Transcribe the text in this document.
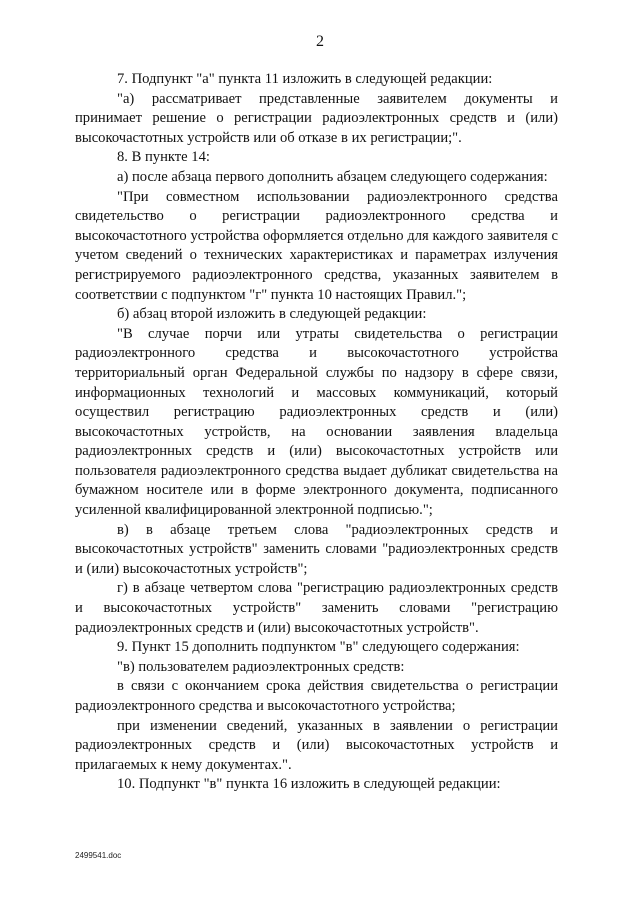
2

7. Подпункт "а" пункта 11 изложить в следующей редакции:

"а) рассматривает представленные заявителем документы и принимает решение о регистрации радиоэлектронных средств и (или) высокочастотных устройств или об отказе в их регистрации;".

8. В пункте 14:

а) после абзаца первого дополнить абзацем следующего содержания:

"При совместном использовании радиоэлектронного средства свидетельство о регистрации радиоэлектронного средства и высокочастотного устройства оформляется отдельно для каждого заявителя с учетом сведений о технических характеристиках и параметрах излучения регистрируемого радиоэлектронного средства, указанных заявителем в соответствии с подпунктом "г" пункта 10 настоящих Правил.";

б) абзац второй изложить в следующей редакции:

"В случае порчи или утраты свидетельства о регистрации радиоэлектронного средства и высокочастотного устройства территориальный орган Федеральной службы по надзору в сфере связи, информационных технологий и массовых коммуникаций, который осуществил регистрацию радиоэлектронных средств и (или) высокочастотных устройств, на основании заявления владельца радиоэлектронных средств и (или) высокочастотных устройств или пользователя радиоэлектронного средства выдает дубликат свидетельства на бумажном носителе или в форме электронного документа, подписанного усиленной квалифицированной электронной подписью.";

в) в абзаце третьем слова "радиоэлектронных средств и высокочастотных устройств" заменить словами "радиоэлектронных средств и (или) высокочастотных устройств";

г) в абзаце четвертом слова "регистрацию радиоэлектронных средств и высокочастотных устройств" заменить словами "регистрацию радиоэлектронных средств и (или) высокочастотных устройств".

9. Пункт 15 дополнить подпунктом "в" следующего содержания:

"в) пользователем радиоэлектронных средств:

в связи с окончанием срока действия свидетельства о регистрации радиоэлектронного средства и высокочастотного устройства;

при изменении сведений, указанных в заявлении о регистрации радиоэлектронных средств и (или) высокочастотных устройств и прилагаемых к нему документах.".

10. Подпункт "в" пункта 16 изложить в следующей редакции:

2499541.doc
